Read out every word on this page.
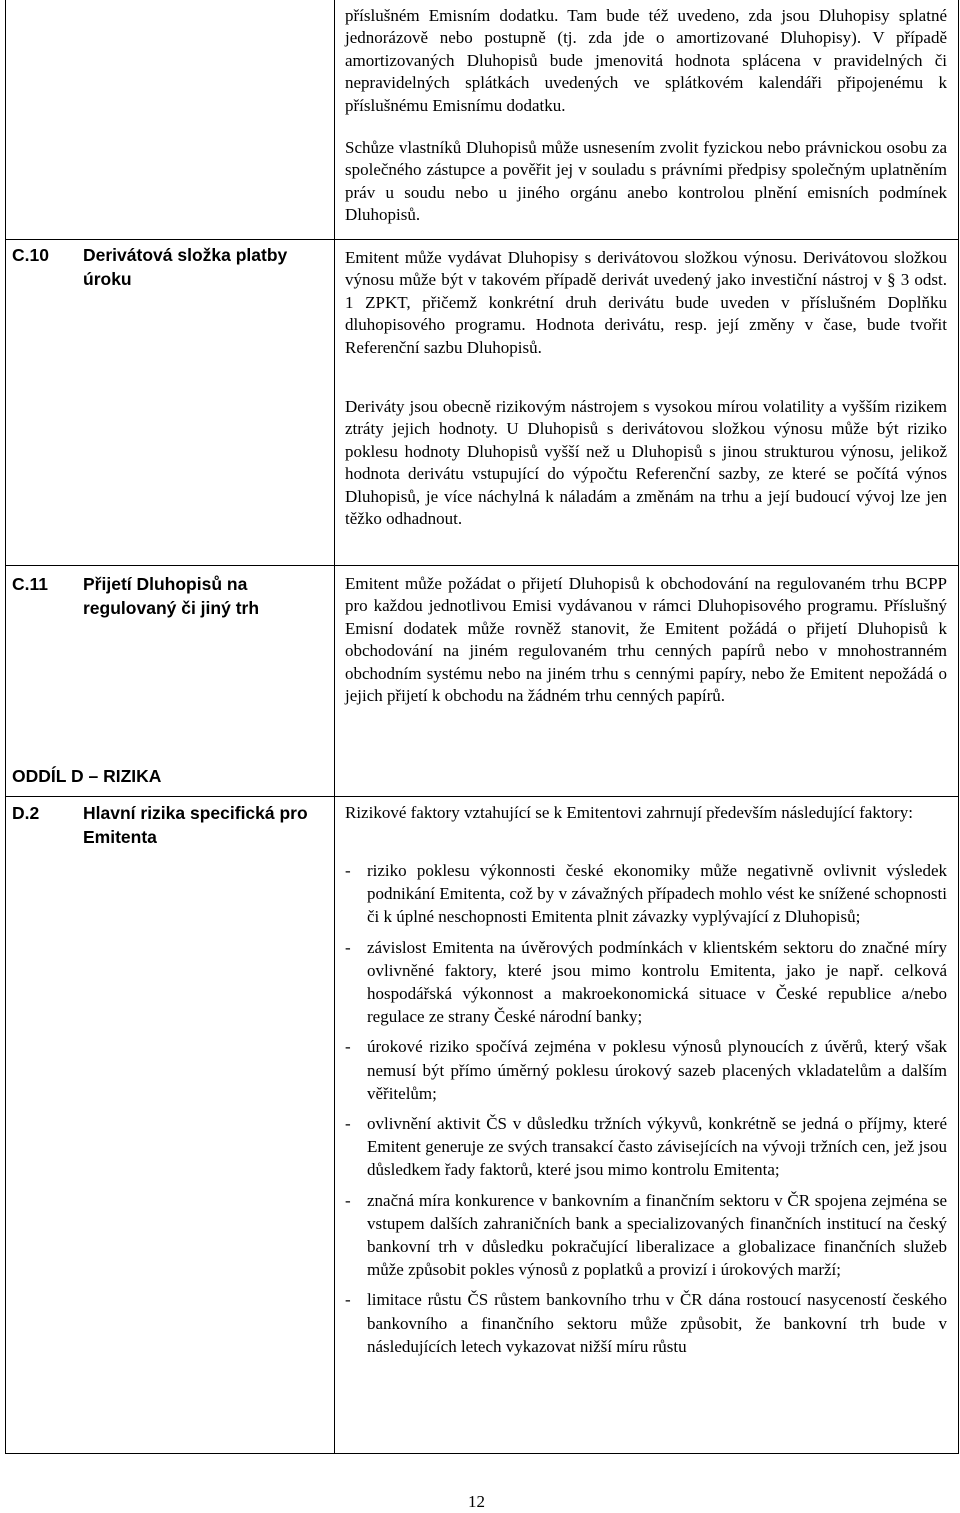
příslušném Emisním dodatku. Tam bude též uvedeno, zda jsou Dluhopisy splatné jednorázově nebo postupně (tj. zda jde o amortizované Dluhopisy). V případě amortizovaných Dluhopisů bude jmenovitá hodnota splácena v pravidelných či nepravidelných splátkách uvedených ve splátkovém kalendáři připojenému k příslušnému Emisnímu dodatku.
Schůze vlastníků Dluhopisů může usnesením zvolit fyzickou nebo právnickou osobu za společného zástupce a pověřit jej v souladu s právními předpisy společným uplatněním práv u soudu nebo u jiného orgánu anebo kontrolou plnění emisních podmínek Dluhopisů.
C.10 Derivátová složka platby úroku
Emitent může vydávat Dluhopisy s derivátovou složkou výnosu. Derivátovou složkou výnosu může být v takovém případě derivát uvedený jako investiční nástroj v § 3 odst. 1 ZPKT, přičemž konkrétní druh derivátu bude uveden v příslušném Doplňku dluhopisového programu. Hodnota derivátu, resp. její změny v čase, bude tvořit Referenční sazbu Dluhopisů.
Deriváty jsou obecně rizikovým nástrojem s vysokou mírou volatility a vyšším rizikem ztráty jejich hodnoty. U Dluhopisů s derivátovou složkou výnosu může být riziko poklesu hodnoty Dluhopisů vyšší než u Dluhopisů s jinou strukturou výnosu, jelikož hodnota derivátu vstupující do výpočtu Referenční sazby, ze které se počítá výnos Dluhopisů, je více náchylná k náladám a změnám na trhu a její budoucí vývoj lze jen těžko odhadnout.
C.11 Přijetí Dluhopisů na regulovaný či jiný trh
Emitent může požádat o přijetí Dluhopisů k obchodování na regulovaném trhu BCPP pro každou jednotlivou Emisi vydávanou v rámci Dluhopisového programu. Příslušný Emisní dodatek může rovněž stanovit, že Emitent požádá o přijetí Dluhopisů k obchodování na jiném regulovaném trhu cenných papírů nebo v mnohostranném obchodním systému nebo na jiném trhu s cennými papíry, nebo že Emitent nepožádá o jejich přijetí k obchodu na žádném trhu cenných papírů.
ODDÍL D – RIZIKA
D.2	Hlavní rizika specifická pro Emitenta
Rizikové faktory vztahující se k Emitentovi zahrnují především následující faktory:
- riziko poklesu výkonnosti české ekonomiky může negativně ovlivnit výsledek podnikání Emitenta, což by v závažných případech mohlo vést ke snížené schopnosti či k úplné neschopnosti Emitenta plnit závazky vyplývající z Dluhopisů;
- závislost Emitenta na úvěrových podmínkách v klientském sektoru do značné míry ovlivněné faktory, které jsou mimo kontrolu Emitenta, jako je např. celková hospodářská výkonnost a makroekonomická situace v České republice a/nebo regulace ze strany České národní banky;
- úrokové riziko spočívá zejména v poklesu výnosů plynoucích z úvěrů, který však nemusí být přímo úměrný poklesu úrokový sazeb placených vkladatelům a dalším věřitelům;
- ovlivnění aktivit ČS v důsledku tržních výkyvů, konkrétně se jedná o příjmy, které Emitent generuje ze svých transakcí často závisejících na vývoji tržních cen, jež jsou důsledkem řady faktorů, které jsou mimo kontrolu Emitenta;
- značná míra konkurence v bankovním a finančním sektoru v ČR spojena zejména se vstupem dalších zahraničních bank a specializovaných finančních institucí na český bankovní trh v důsledku pokračující liberalizace a globalizace finančních služeb může způsobit pokles výnosů z poplatků a provizí i úrokových marží;
- limitace růstu ČS růstem bankovního trhu v ČR dána rostoucí nasyceností českého bankovního a finančního sektoru může způsobit, že bankovní trh bude v následujících letech vykazovat nižší míru růstu
12
